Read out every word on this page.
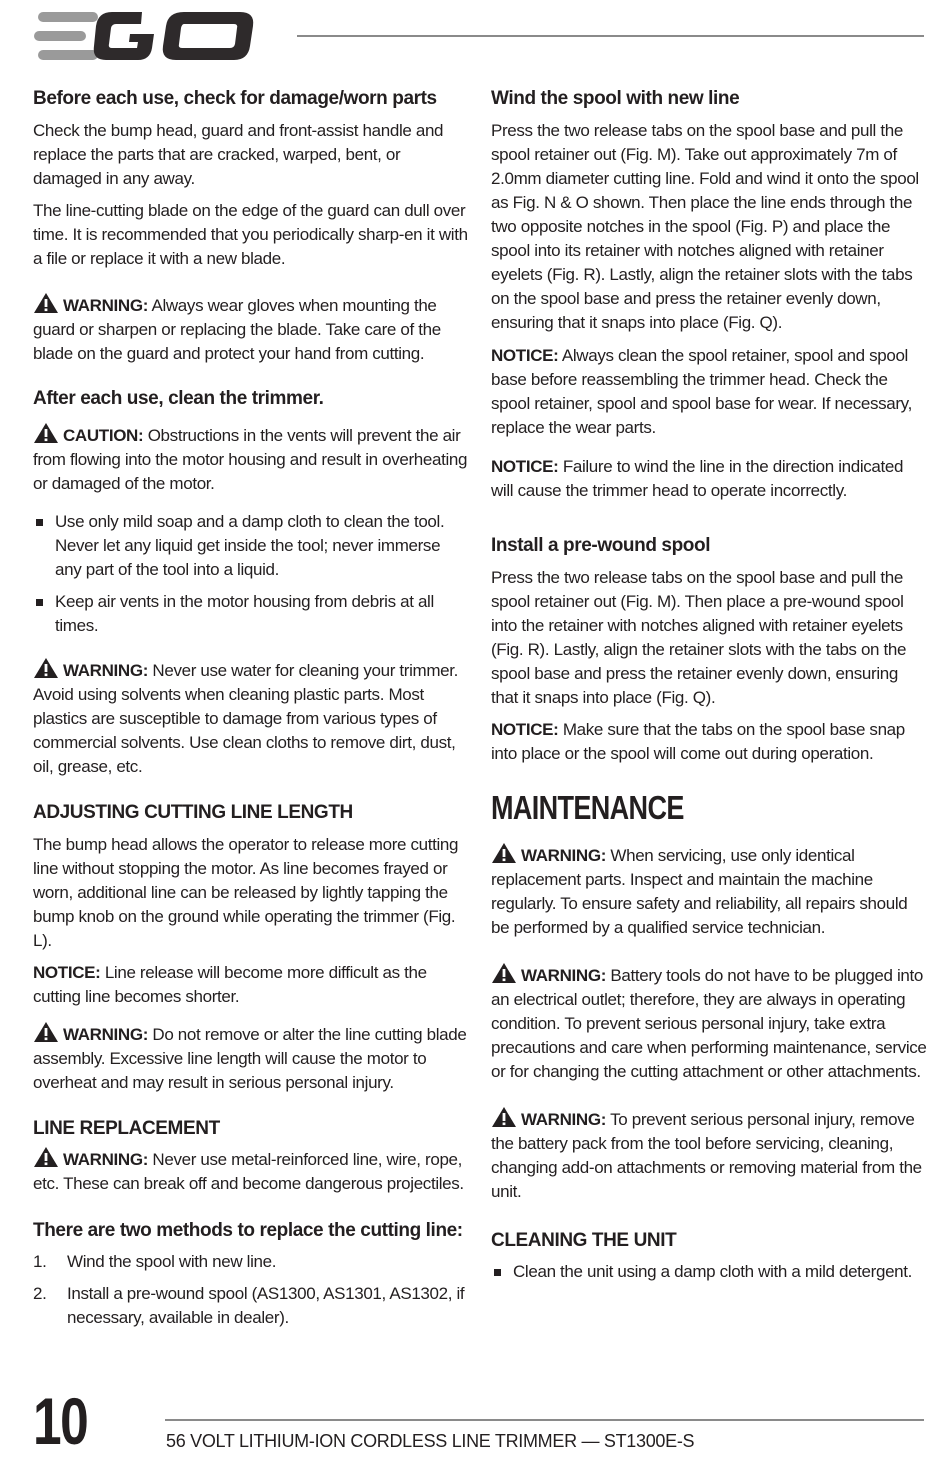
Before each use, check for damage/worn parts

Check the bump head, guard and front-assist handle and replace the parts that are cracked, warped, bent, or damaged in any away.

The line-cutting blade on the edge of the guard can dull over time. It is recommended that you periodically sharp-en it with a file or replace it with a new blade.

WARNING: Always wear gloves when mounting the guard or sharpen or replacing the blade. Take care of the blade on the guard and protect your hand from cutting.

After each use, clean the trimmer.

CAUTION: Obstructions in the vents will prevent the air from flowing into the motor housing and result in overheating or damaged of the motor.

Use only mild soap and a damp cloth to clean the tool. Never let any liquid get inside the tool; never immerse any part of the tool into a liquid.
Keep air vents in the motor housing from debris at all times.

WARNING: Never use water for cleaning your trimmer. Avoid using solvents when cleaning plastic parts. Most plastics are susceptible to damage from various types of commercial solvents. Use clean cloths to remove dirt, dust, oil, grease, etc.

ADJUSTING CUTTING LINE LENGTH

The bump head allows the operator to release more cutting line without stopping the motor. As line becomes frayed or worn, additional line can be released by lightly tapping the bump knob on the ground while operating the trimmer (Fig. L).

NOTICE: Line release will become more difficult as the cutting line becomes shorter.

WARNING: Do not remove or alter the line cutting blade assembly. Excessive line length will cause the motor to overheat and may result in serious personal injury.

LINE REPLACEMENT

WARNING: Never use metal-reinforced line, wire, rope, etc. These can break off and become dangerous projectiles.

There are two methods to replace the cutting line:

1. Wind the spool with new line.
2. Install a pre-wound spool (AS1300, AS1301, AS1302, if necessary, available in dealer).

Wind the spool with new line

Press the two release tabs on the spool base and pull the spool retainer out (Fig. M). Take out approximately 7m of 2.0mm diameter cutting line. Fold and wind it onto the spool as Fig. N & O shown. Then place the line ends through the two opposite notches in the spool (Fig. P) and place the spool into its retainer with notches aligned with retainer eyelets (Fig. R). Lastly, align the retainer slots with the tabs on the spool base and press the retainer evenly down, ensuring that it snaps into place (Fig. Q).

NOTICE: Always clean the spool retainer, spool and spool base before reassembling the trimmer head. Check the spool retainer, spool and spool base for wear. If necessary, replace the wear parts.

NOTICE: Failure to wind the line in the direction indicated will cause the trimmer head to operate incorrectly.

Install a pre-wound spool

Press the two release tabs on the spool base and pull the spool retainer out (Fig. M). Then place a pre-wound spool into the retainer with notches aligned with retainer eyelets (Fig. R). Lastly, align the retainer slots with the tabs on the spool base and press the retainer evenly down, ensuring that it snaps into place (Fig. Q).

NOTICE: Make sure that the tabs on the spool base snap into place or the spool will come out during operation.

MAINTENANCE

WARNING: When servicing, use only identical replacement parts. Inspect and maintain the machine regularly. To ensure safety and reliability, all repairs should be performed by a qualified service technician.

WARNING: Battery tools do not have to be plugged into an electrical outlet; therefore, they are always in operating condition. To prevent serious personal injury, take extra precautions and care when performing maintenance, service or for changing the cutting attachment or other attachments.

WARNING: To prevent serious personal injury, remove the battery pack from the tool before servicing, cleaning, changing add-on attachments or removing material from the unit.

CLEANING THE UNIT

Clean the unit using a damp cloth with a mild detergent.
10	56 VOLT LITHIUM-ION CORDLESS LINE TRIMMER — ST1300E-S
